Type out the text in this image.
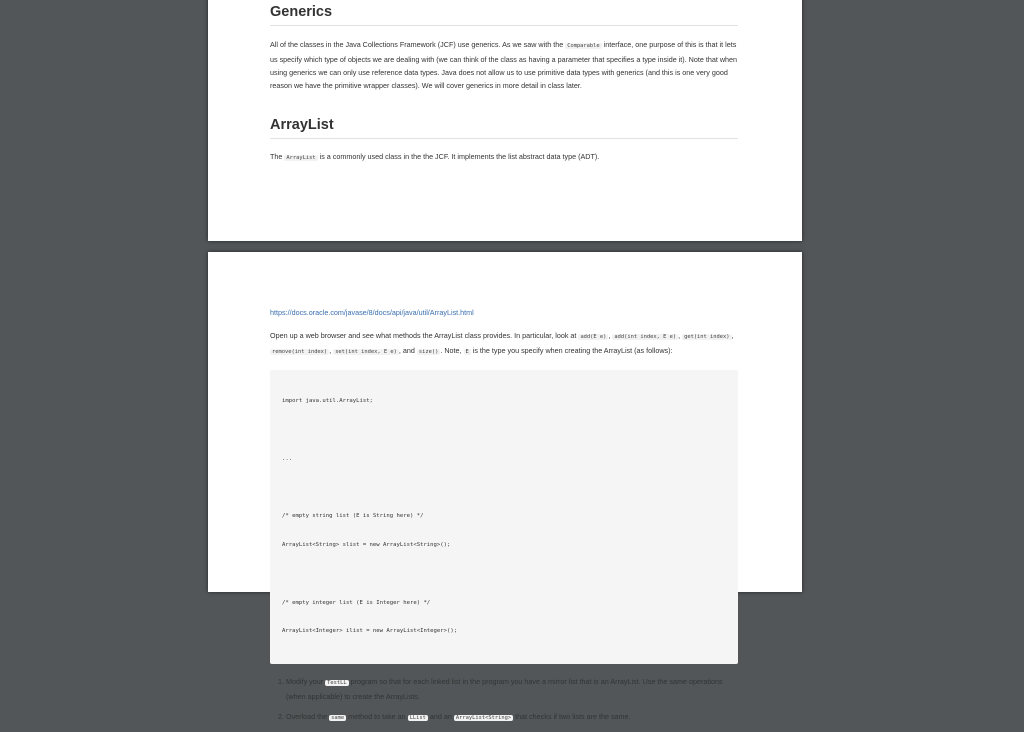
Generics

All of the classes in the Java Collections Framework (JCF) use generics. As we saw with the Comparable interface, one purpose of this is that it lets us specify which type of objects we are dealing with (we can think of the class as having a parameter that specifies a type inside it). Note that when using generics we can only use reference data types. Java does not allow us to use primitive data types with generics (and this is one very good reason we have the primitive wrapper classes). We will cover generics in more detail in class later.

ArrayList

The ArrayList is a commonly used class in the the JCF. It implements the list abstract data type (ADT).

https://docs.oracle.com/javase/8/docs/api/java/util/ArrayList.html

Open up a web browser and see what methods the ArrayList class provides. In particular, look at add(E e) , add(int index, E e) , get(int index) , remove(int index) , set(int index, E e) , and size() . Note, E is the type you specify when creating the ArrayList (as follows):

import java.util.ArrayList;

...

/* empty string list (E is String here) */

ArrayList<String> slist = new ArrayList<String>();

/* empty integer list (E is Integer here) */

ArrayList<Integer> ilist = new ArrayList<Integer>();

1. Modify your TestLL program so that for each linked list in the program you have a mirror list that is an ArrayList. Use the same operations (when applicable) to create the ArrayLists.
2. Overload the same method to take an LList and an ArrayList<String> that checks if two lists are the same.
